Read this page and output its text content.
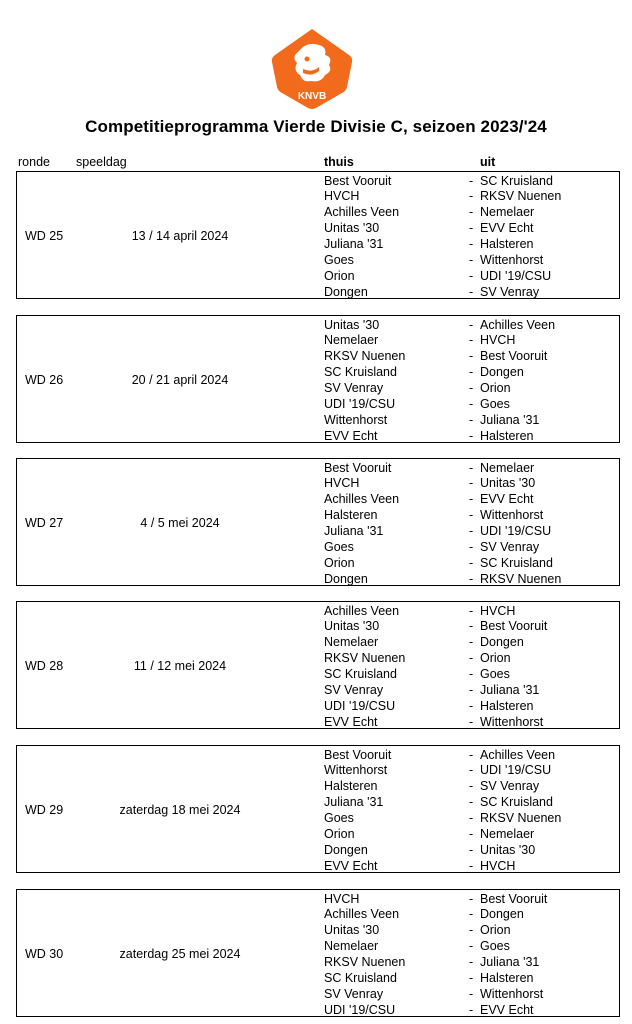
KNVB
Competitieprogramma Vierde Divisie C, seizoen 2023/'24
ronde speeldag	thuis	uit
WD 25	13 / 14 april 2024
Best Vooruit	- SC Kruisland
HVCH	- RKSV Nuenen
Achilles Veen	- Nemelaer
Unitas '30	- EVV Echt
Juliana '31	- Halsteren
Goes	- Wittenhorst
Orion	- UDI '19/CSU
Dongen	- SV Venray
WD 26	20 / 21 april 2024
Unitas '30	- Achilles Veen
Nemelaer	- HVCH
RKSV Nuenen	- Best Vooruit
SC Kruisland	- Dongen
SV Venray	- Orion
UDI '19/CSU	- Goes
Wittenhorst	- Juliana '31
EVV Echt	- Halsteren
WD 27	4 / 5 mei 2024
Best Vooruit	- Nemelaer
HVCH	- Unitas '30
Achilles Veen	- EVV Echt
Halsteren	- Wittenhorst
Juliana '31	- UDI '19/CSU
Goes	- SV Venray
Orion	- SC Kruisland
Dongen	- RKSV Nuenen
WD 28	11 / 12 mei 2024
Achilles Veen	- HVCH
Unitas '30	- Best Vooruit
Nemelaer	- Dongen
RKSV Nuenen	- Orion
SC Kruisland	- Goes
SV Venray	- Juliana '31
UDI '19/CSU	- Halsteren
EVV Echt	- Wittenhorst
WD 29	zaterdag 18 mei 2024
Best Vooruit	- Achilles Veen
Wittenhorst	- UDI '19/CSU
Halsteren	- SV Venray
Juliana '31	- SC Kruisland
Goes	- RKSV Nuenen
Orion	- Nemelaer
Dongen	- Unitas '30
EVV Echt	- HVCH
WD 30	zaterdag 25 mei 2024
HVCH	- Best Vooruit
Achilles Veen	- Dongen
Unitas '30	- Orion
Nemelaer	- Goes
RKSV Nuenen	- Juliana '31
SC Kruisland	- Halsteren
SV Venray	- Wittenhorst
UDI '19/CSU	- EVV Echt
